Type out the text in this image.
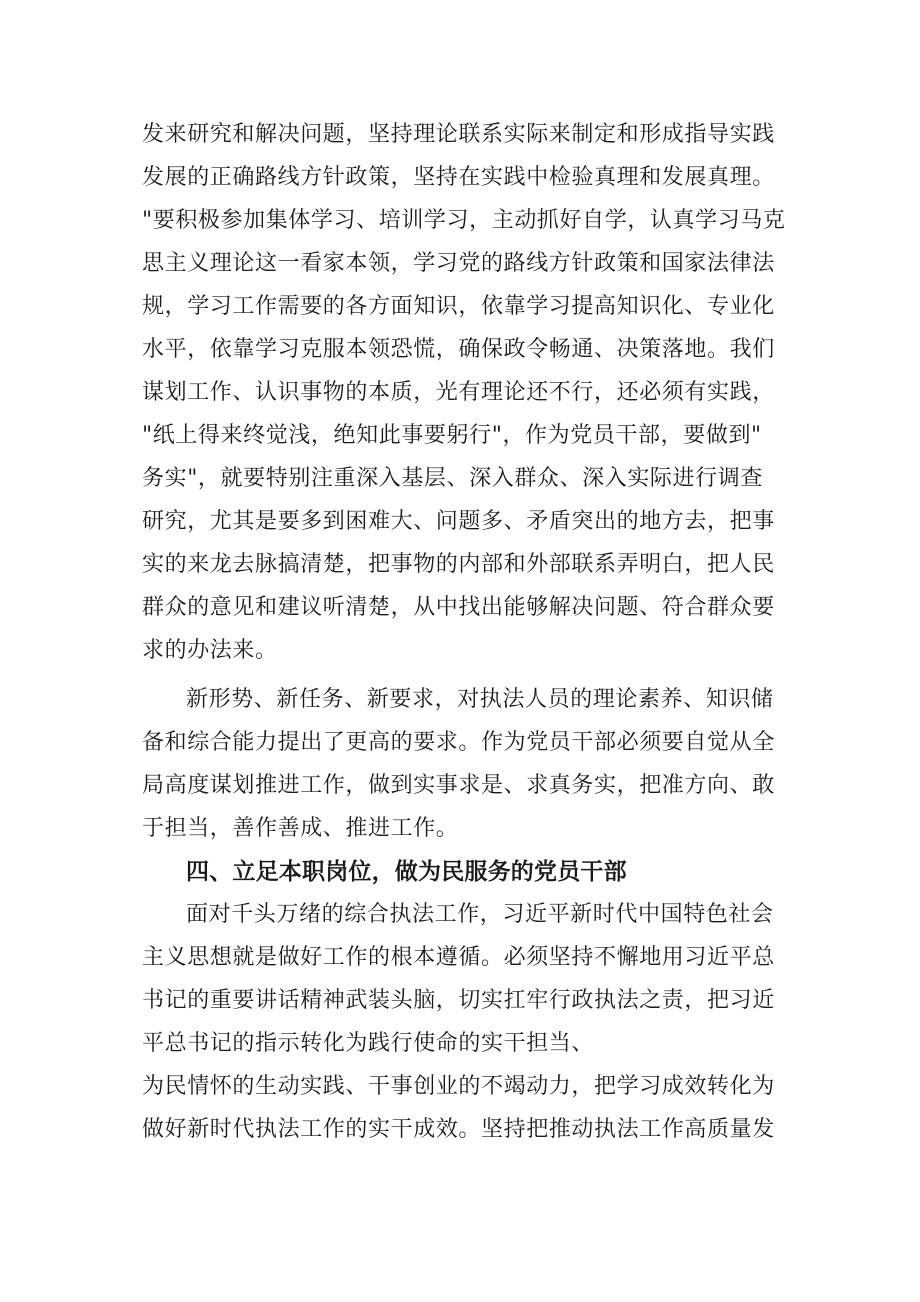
发来研究和解决问题，坚持理论联系实际来制定和形成指导实践
发展的正确路线方针政策，坚持在实践中检验真理和发展真理。
"要积极参加集体学习、培训学习，主动抓好自学，认真学习马克
思主义理论这一看家本领，学习党的路线方针政策和国家法律法
规，学习工作需要的各方面知识，依靠学习提高知识化、专业化
水平，依靠学习克服本领恐慌，确保政令畅通、决策落地。我们
谋划工作、认识事物的本质，光有理论还不行，还必须有实践，
"纸上得来终觉浅，绝知此事要躬行"，作为党员干部，要做到"
务实"，就要特别注重深入基层、深入群众、深入实际进行调查
研究，尤其是要多到困难大、问题多、矛盾突出的地方去，把事
实的来龙去脉搞清楚，把事物的内部和外部联系弄明白，把人民
群众的意见和建议听清楚，从中找出能够解决问题、符合群众要
求的办法来。
新形势、新任务、新要求，对执法人员的理论素养、知识储
备和综合能力提出了更高的要求。作为党员干部必须要自觉从全
局高度谋划推进工作，做到实事求是、求真务实，把准方向、敢
于担当，善作善成、推进工作。
四、立足本职岗位，做为民服务的党员干部
面对千头万绪的综合执法工作，习近平新时代中国特色社会
主义思想就是做好工作的根本遵循。必须坚持不懈地用习近平总
书记的重要讲话精神武装头脑，切实扛牢行政执法之责，把习近
平总书记的指示转化为践行使命的实干担当、
为民情怀的生动实践、干事创业的不竭动力，把学习成效转化为
做好新时代执法工作的实干成效。坚持把推动执法工作高质量发
